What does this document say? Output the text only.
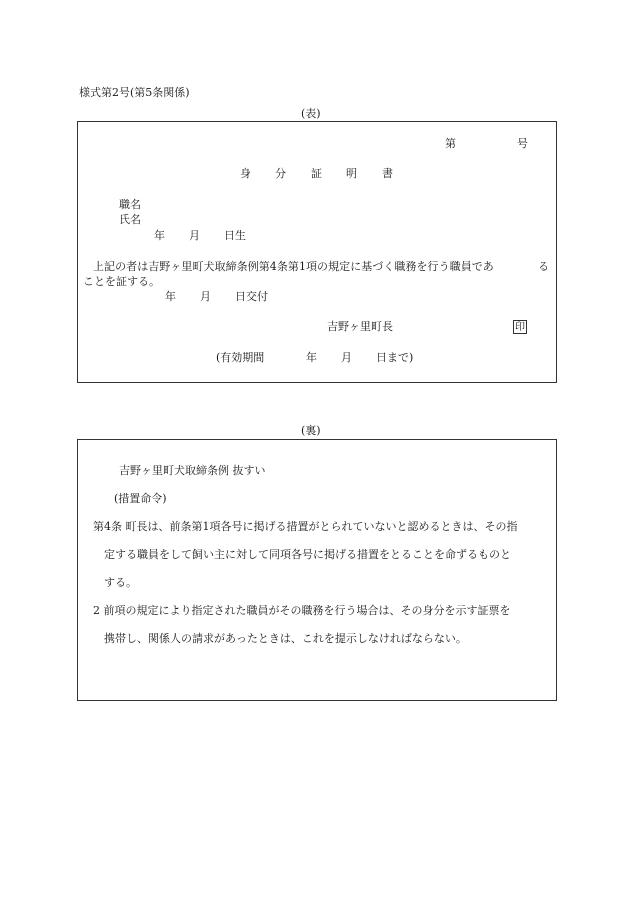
様式第2号(第5条関係)
(表)
第	号
身 分 証 明 書
職名
氏名
年 月 日生
上記の者は吉野ヶ里町犬取締条例第4条第1項の規定に基づく職務を行う職員であ	る
ことを証する。
年 月 日交付
吉野ヶ里町長	印
(有効期間	年 月 日まで)
(裏)
吉野ヶ里町犬取締条例 抜すい
(措置命令)
第4条 町長は、前条第1項各号に掲げる措置がとられていないと認めるときは、その指
定する職員をして飼い主に対して同項各号に掲げる措置をとることを命ずるものと
する。
2 前項の規定により指定された職員がその職務を行う場合は、その身分を示す証票を
携帯し、関係人の請求があったときは、これを提示しなければならない。
